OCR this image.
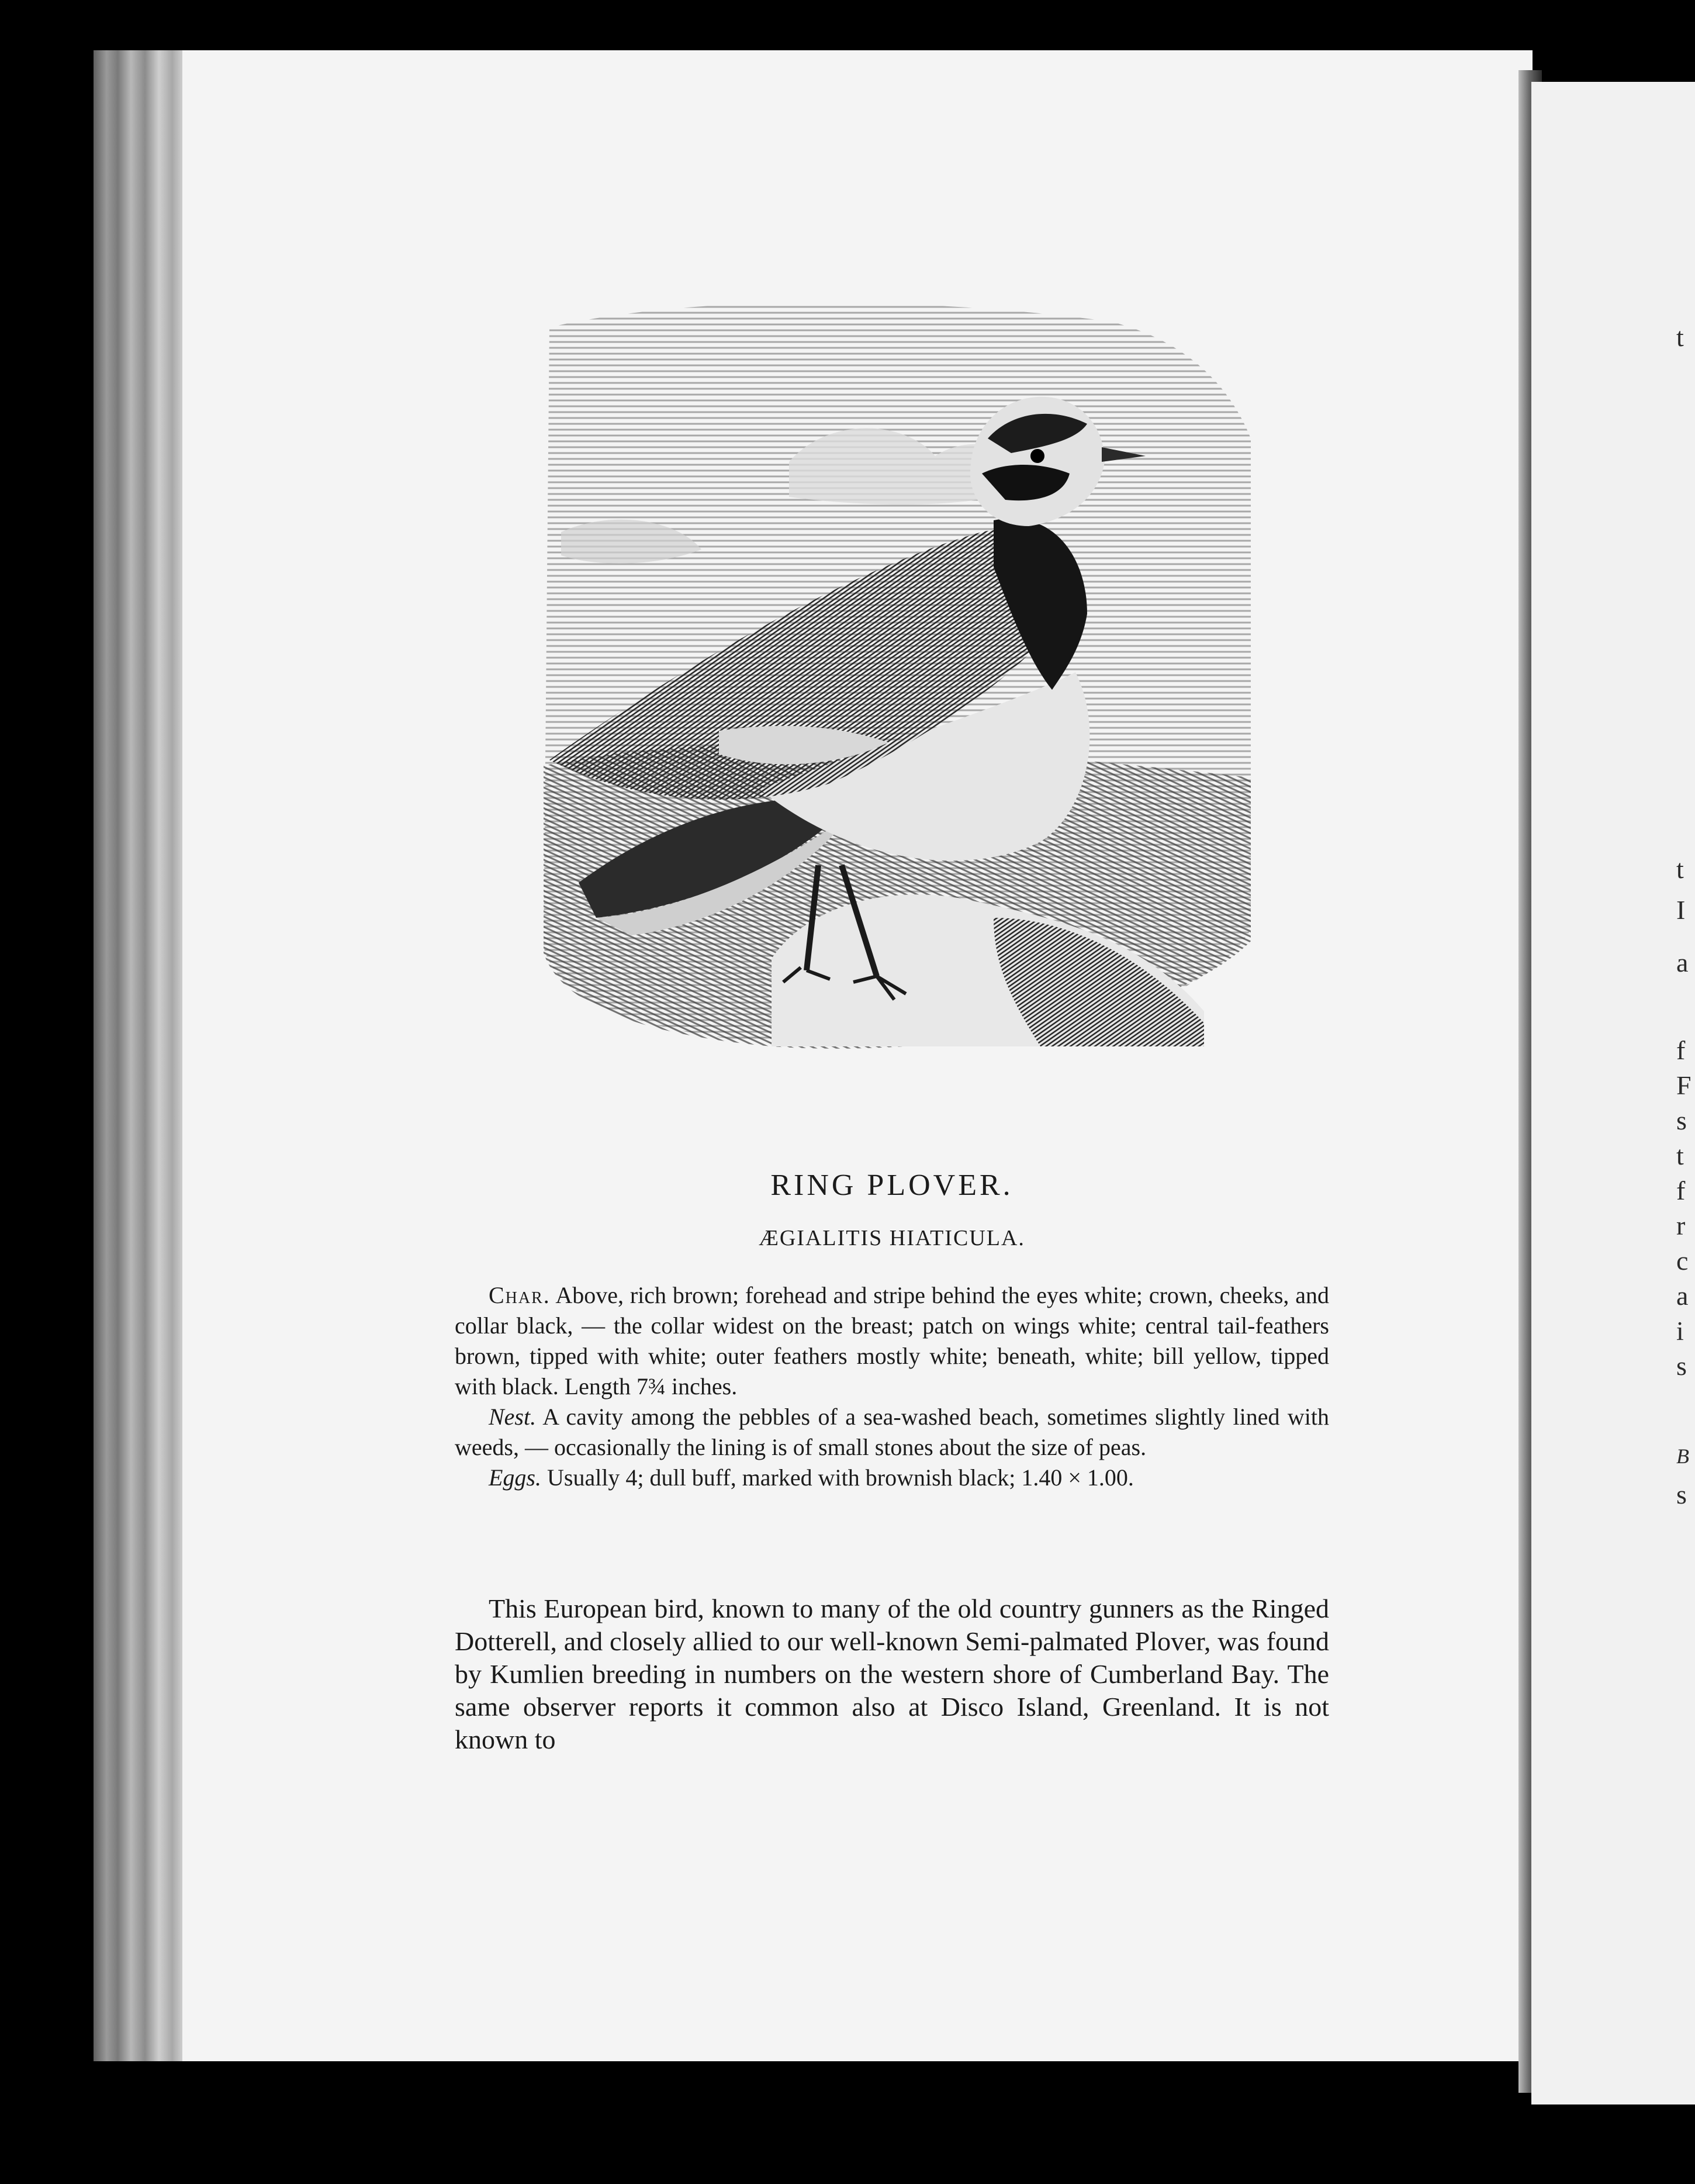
t
t
I
a
f
F
s
t
f
r
c
a
i
s
B
s
RING PLOVER.
ÆGIALITIS HIATICULA.

Char. Above, rich brown; forehead and stripe behind the eyes white; crown, cheeks, and collar black, — the collar widest on the breast; patch on wings white; central tail-feathers brown, tipped with white; outer feathers mostly white; beneath, white; bill yellow, tipped with black. Length 7¾ inches.

Nest. A cavity among the pebbles of a sea-washed beach, sometimes slightly lined with weeds, — occasionally the lining is of small stones about the size of peas.

Eggs. Usually 4; dull buff, marked with brownish black; 1.40 × 1.00.

This European bird, known to many of the old country gunners as the Ringed Dotterell, and closely allied to our well-known Semi-palmated Plover, was found by Kumlien breeding in numbers on the western shore of Cumberland Bay. The same observer reports it common also at Disco Island, Greenland. It is not known to
